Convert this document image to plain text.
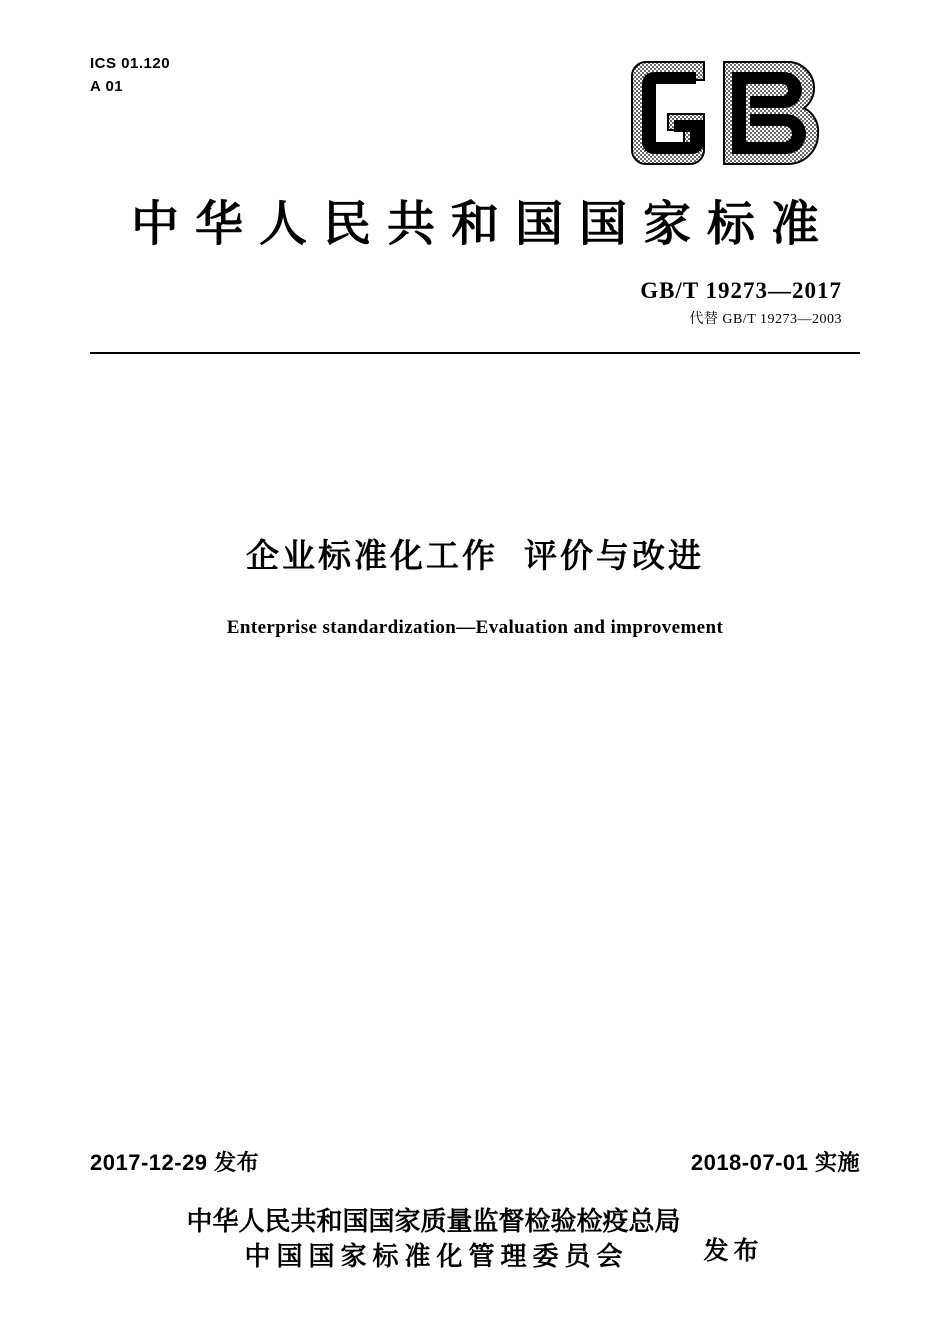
ICS 01.120
A 01
中华人民共和国国家标准
GB/T 19273—2017
代替 GB/T 19273—2003
企业标准化工作 评价与改进
Enterprise standardization—Evaluation and improvement
2017-12-29 发布	2018-07-01 实施
中华人民共和国国家质量监督检验检疫总局
中国国家标准化管理委员会	发布
